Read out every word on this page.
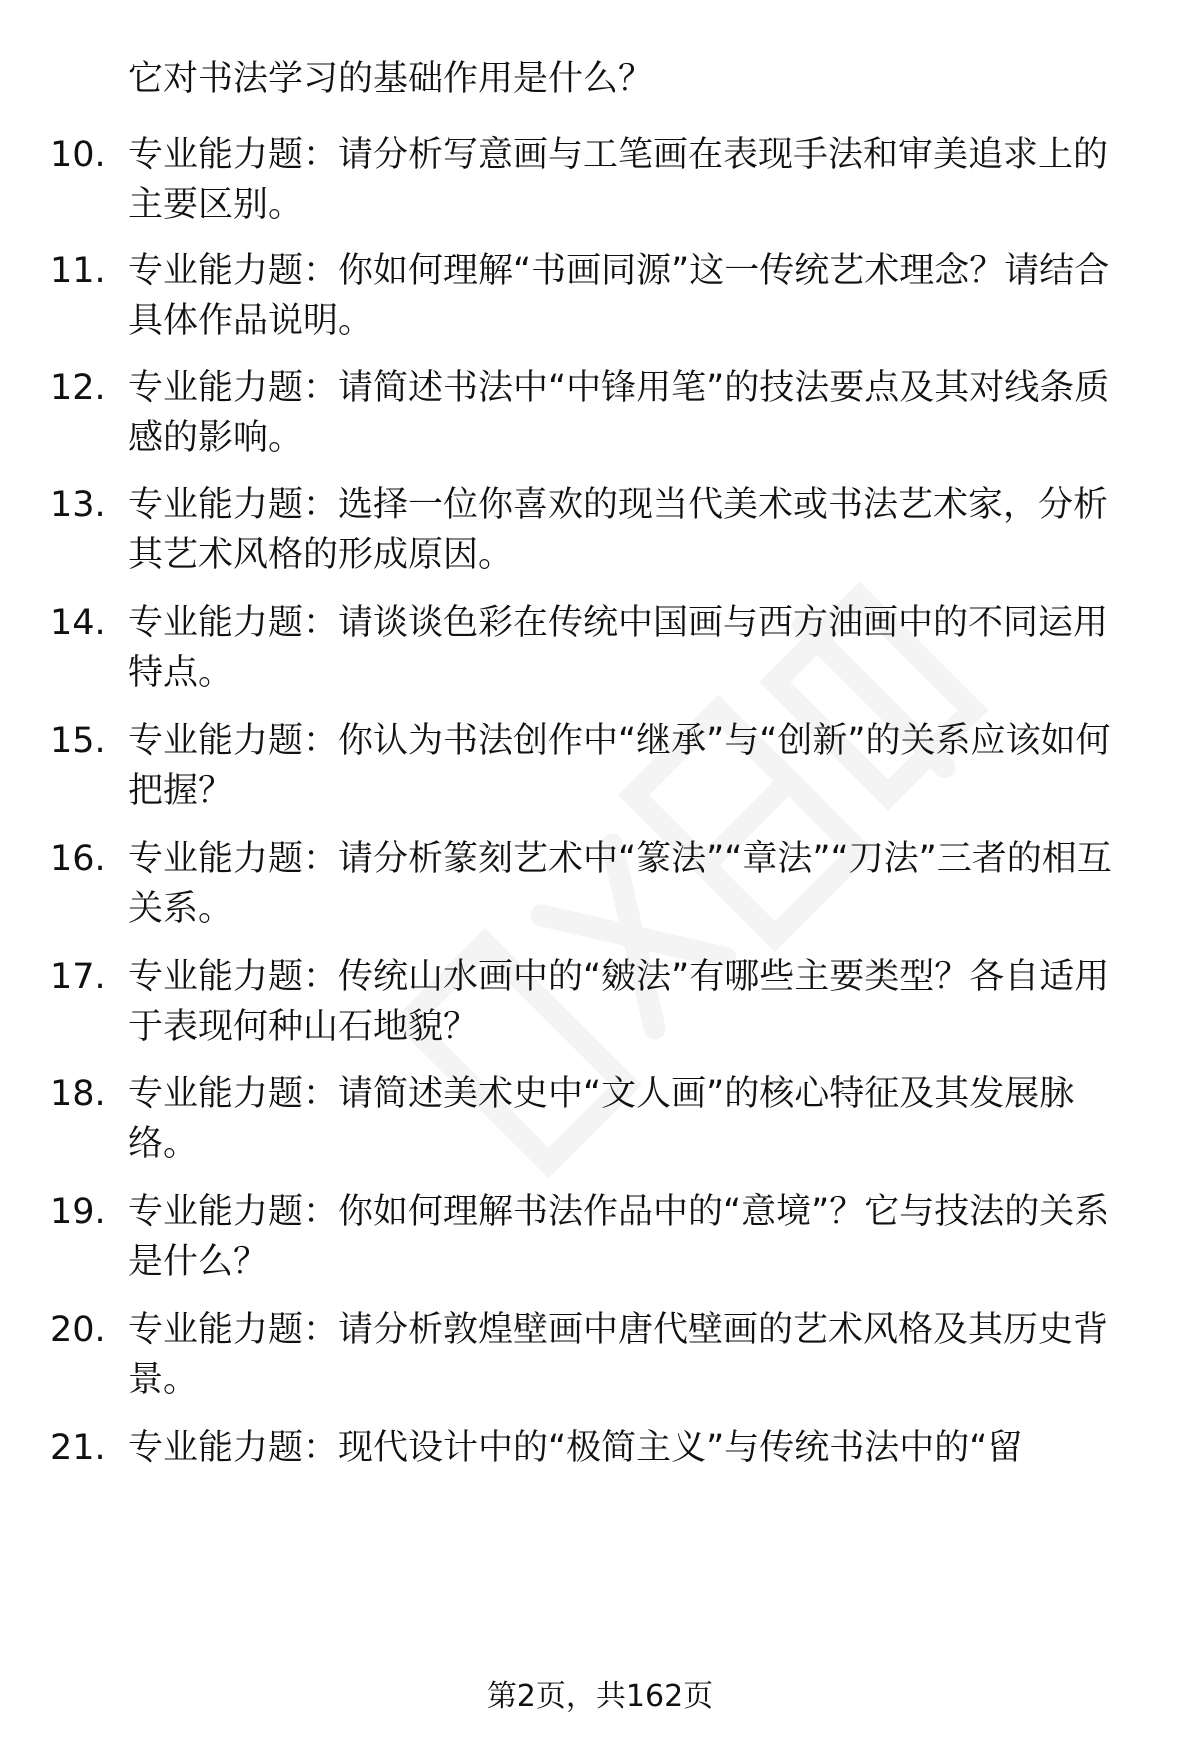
它对书法学习的基础作用是什么？

10. 专业能力题：请分析写意画与工笔画在表现手法和审美追求上的主要区别。

11. 专业能力题：你如何理解“书画同源”这一传统艺术理念？请结合具体作品说明。

12. 专业能力题：请简述书法中“中锋用笔”的技法要点及其对线条质感的影响。

13. 专业能力题：选择一位你喜欢的现当代美术或书法艺术家，分析其艺术风格的形成原因。

14. 专业能力题：请谈谈色彩在传统中国画与西方油画中的不同运用特点。

15. 专业能力题：你认为书法创作中“继承”与“创新”的关系应该如何把握？

16. 专业能力题：请分析篆刻艺术中“篆法”“章法”“刀法”三者的相互关系。

17. 专业能力题：传统山水画中的“皴法”有哪些主要类型？各自适用于表现何种山石地貌？

18. 专业能力题：请简述美术史中“文人画”的核心特征及其发展脉络。

19. 专业能力题：你如何理解书法作品中的“意境”？它与技法的关系是什么？

20. 专业能力题：请分析敦煌壁画中唐代壁画的艺术风格及其历史背景。

21. 专业能力题：现代设计中的“极简主义”与传统书法中的“留

第2页，共162页
